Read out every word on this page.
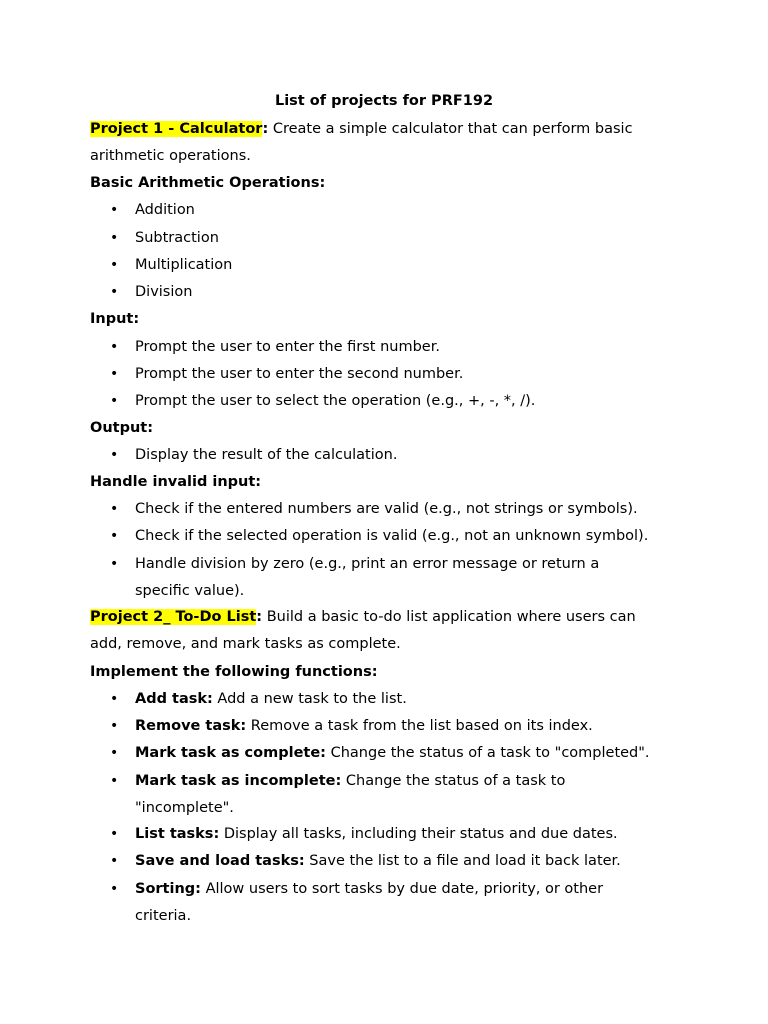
List of projects for PRF192
Project 1 - Calculator: Create a simple calculator that can perform basic
arithmetic operations.
Basic Arithmetic Operations:
• Addition
• Subtraction
• Multiplication
• Division
Input:
• Prompt the user to enter the first number.
• Prompt the user to enter the second number.
• Prompt the user to select the operation (e.g., +, -, *, /).
Output:
• Display the result of the calculation.
Handle invalid input:
• Check if the entered numbers are valid (e.g., not strings or symbols).
• Check if the selected operation is valid (e.g., not an unknown symbol).
• Handle division by zero (e.g., print an error message or return a
specific value).
Project 2_ To-Do List: Build a basic to-do list application where users can
add, remove, and mark tasks as complete.
Implement the following functions:
• Add task: Add a new task to the list.
• Remove task: Remove a task from the list based on its index.
• Mark task as complete: Change the status of a task to "completed".
• Mark task as incomplete: Change the status of a task to
"incomplete".
• List tasks: Display all tasks, including their status and due dates.
• Save and load tasks: Save the list to a file and load it back later.
• Sorting: Allow users to sort tasks by due date, priority, or other
criteria.
